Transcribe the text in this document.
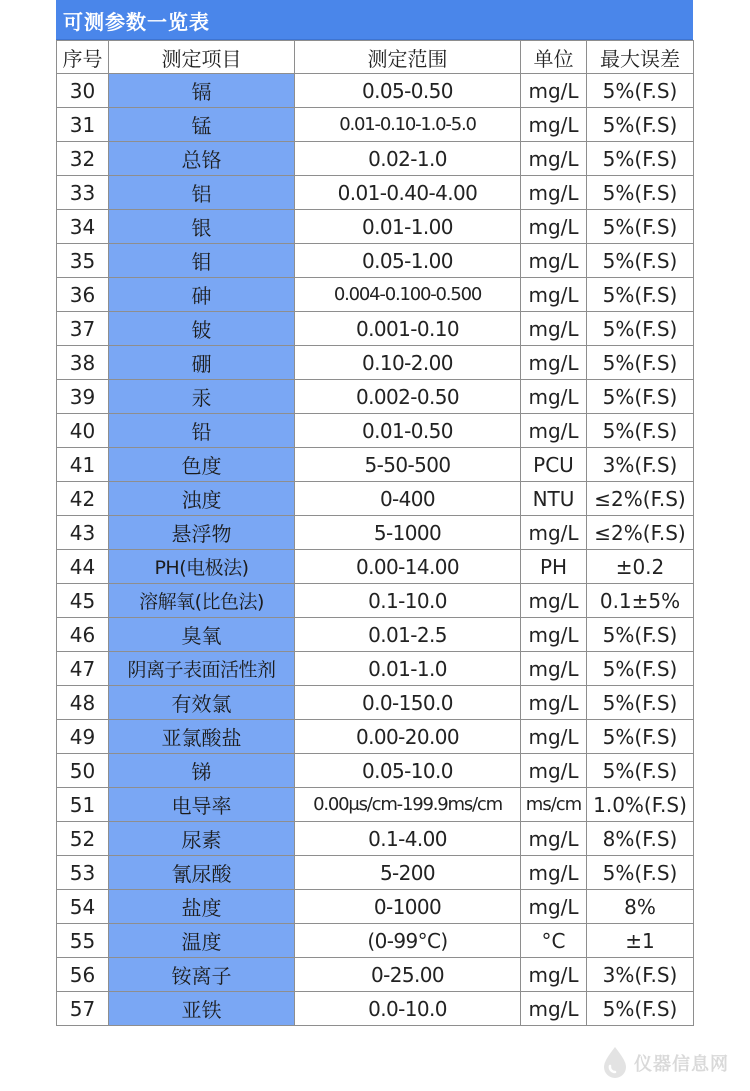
可测参数一览表
序号	测定项目	测定范围	单位	最大误差
30	镉	0.05-0.50	mg/L	5%(F.S)
31	锰	0.01-0.10-1.0-5.0	mg/L	5%(F.S)
32	总铬	0.02-1.0	mg/L	5%(F.S)
33	铝	0.01-0.40-4.00	mg/L	5%(F.S)
34	银	0.01-1.00	mg/L	5%(F.S)
35	钼	0.05-1.00	mg/L	5%(F.S)
36	砷	0.004-0.100-0.500	mg/L	5%(F.S)
37	铍	0.001-0.10	mg/L	5%(F.S)
38	硼	0.10-2.00	mg/L	5%(F.S)
39	汞	0.002-0.50	mg/L	5%(F.S)
40	铅	0.01-0.50	mg/L	5%(F.S)
41	色度	5-50-500	PCU	3%(F.S)
42	浊度	0-400	NTU	≤2%(F.S)
43	悬浮物	5-1000	mg/L	≤2%(F.S)
44	PH(电极法)	0.00-14.00	PH	±0.2
45	溶解氧(比色法)	0.1-10.0	mg/L	0.1±5%
46	臭氧	0.01-2.5	mg/L	5%(F.S)
47	阴离子表面活性剂	0.01-1.0	mg/L	5%(F.S)
48	有效氯	0.0-150.0	mg/L	5%(F.S)
49	亚氯酸盐	0.00-20.00	mg/L	5%(F.S)
50	锑	0.05-10.0	mg/L	5%(F.S)
51	电导率	0.00μs/cm-199.9ms/cm	ms/cm	1.0%(F.S)
52	尿素	0.1-4.00	mg/L	8%(F.S)
53	氰尿酸	5-200	mg/L	5%(F.S)
54	盐度	0-1000	mg/L	8%
55	温度	(0-99°C)	°C	±1
56	铵离子	0-25.00	mg/L	3%(F.S)
57	亚铁	0.0-10.0	mg/L	5%(F.S)
仪器信息网
